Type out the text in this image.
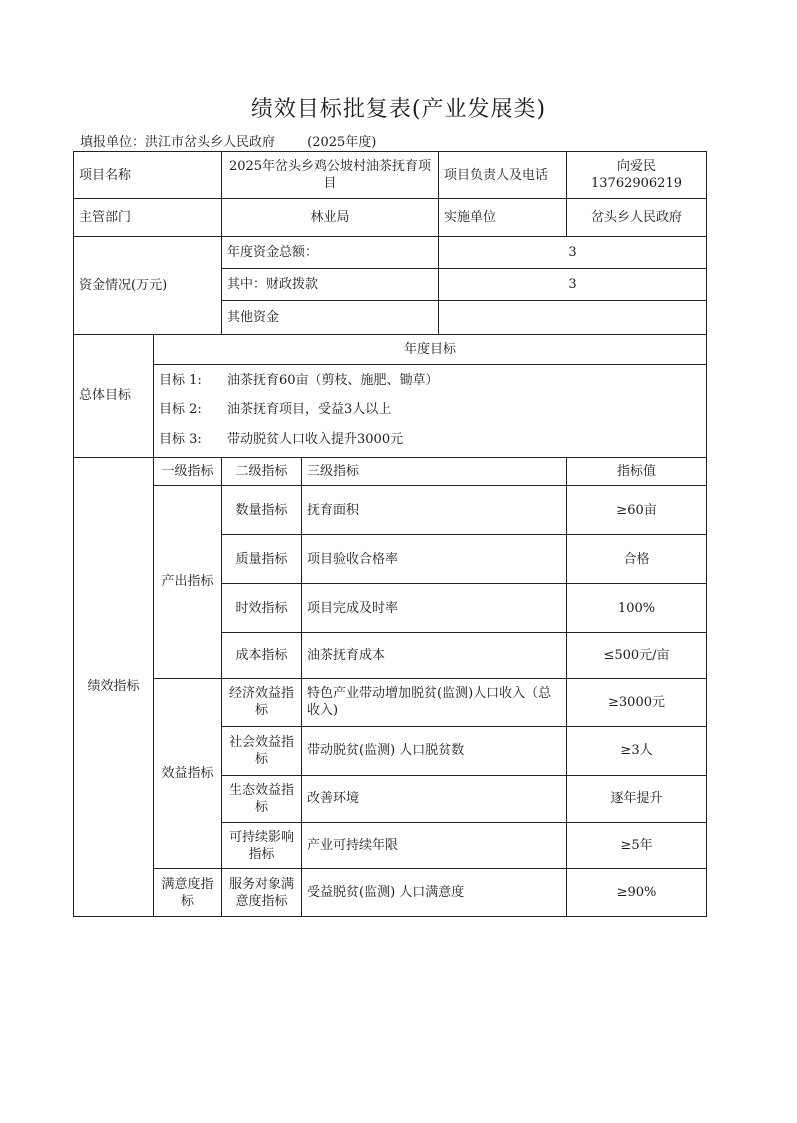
绩效目标批复表(产业发展类)
填报单位：洪江市岔头乡人民政府 (2025年度)
项目名称		2025年岔头乡鸡公坡村油茶抚育项目		项目负责人及电话	向爱民13762906219
主管部门		林业局		实施单位	岔头乡人民政府
资金情况(万元)		年度资金总额：		3	
		其中：财政拨款		3	
		其他资金			
总体目标	年度目标				
	目标 1: 油茶抚育60亩（剪枝、施肥、锄草）				
	目标 2: 油茶抚育项目，受益3人以上				
	目标 3: 带动脱贫人口收入提升3000元				
绩效指标	一级指标	二级指标	三级指标		指标值
	产出指标	数量指标	抚育面积		≥60亩
		质量指标	项目验收合格率		合格
		时效指标	项目完成及时率		100%
		成本指标	油茶抚育成本		≤500元/亩
	效益指标	经济效益指标	特色产业带动增加脱贫(监测)人口收入（总收入)		≥3000元
		社会效益指标	带动脱贫(监测) 人口脱贫数		≥3人
		生态效益指标	改善环境		逐年提升
		可持续影响指标	产业可持续年限		≥5年
	满意度指标	服务对象满意度指标	受益脱贫(监测) 人口满意度		≥90%
